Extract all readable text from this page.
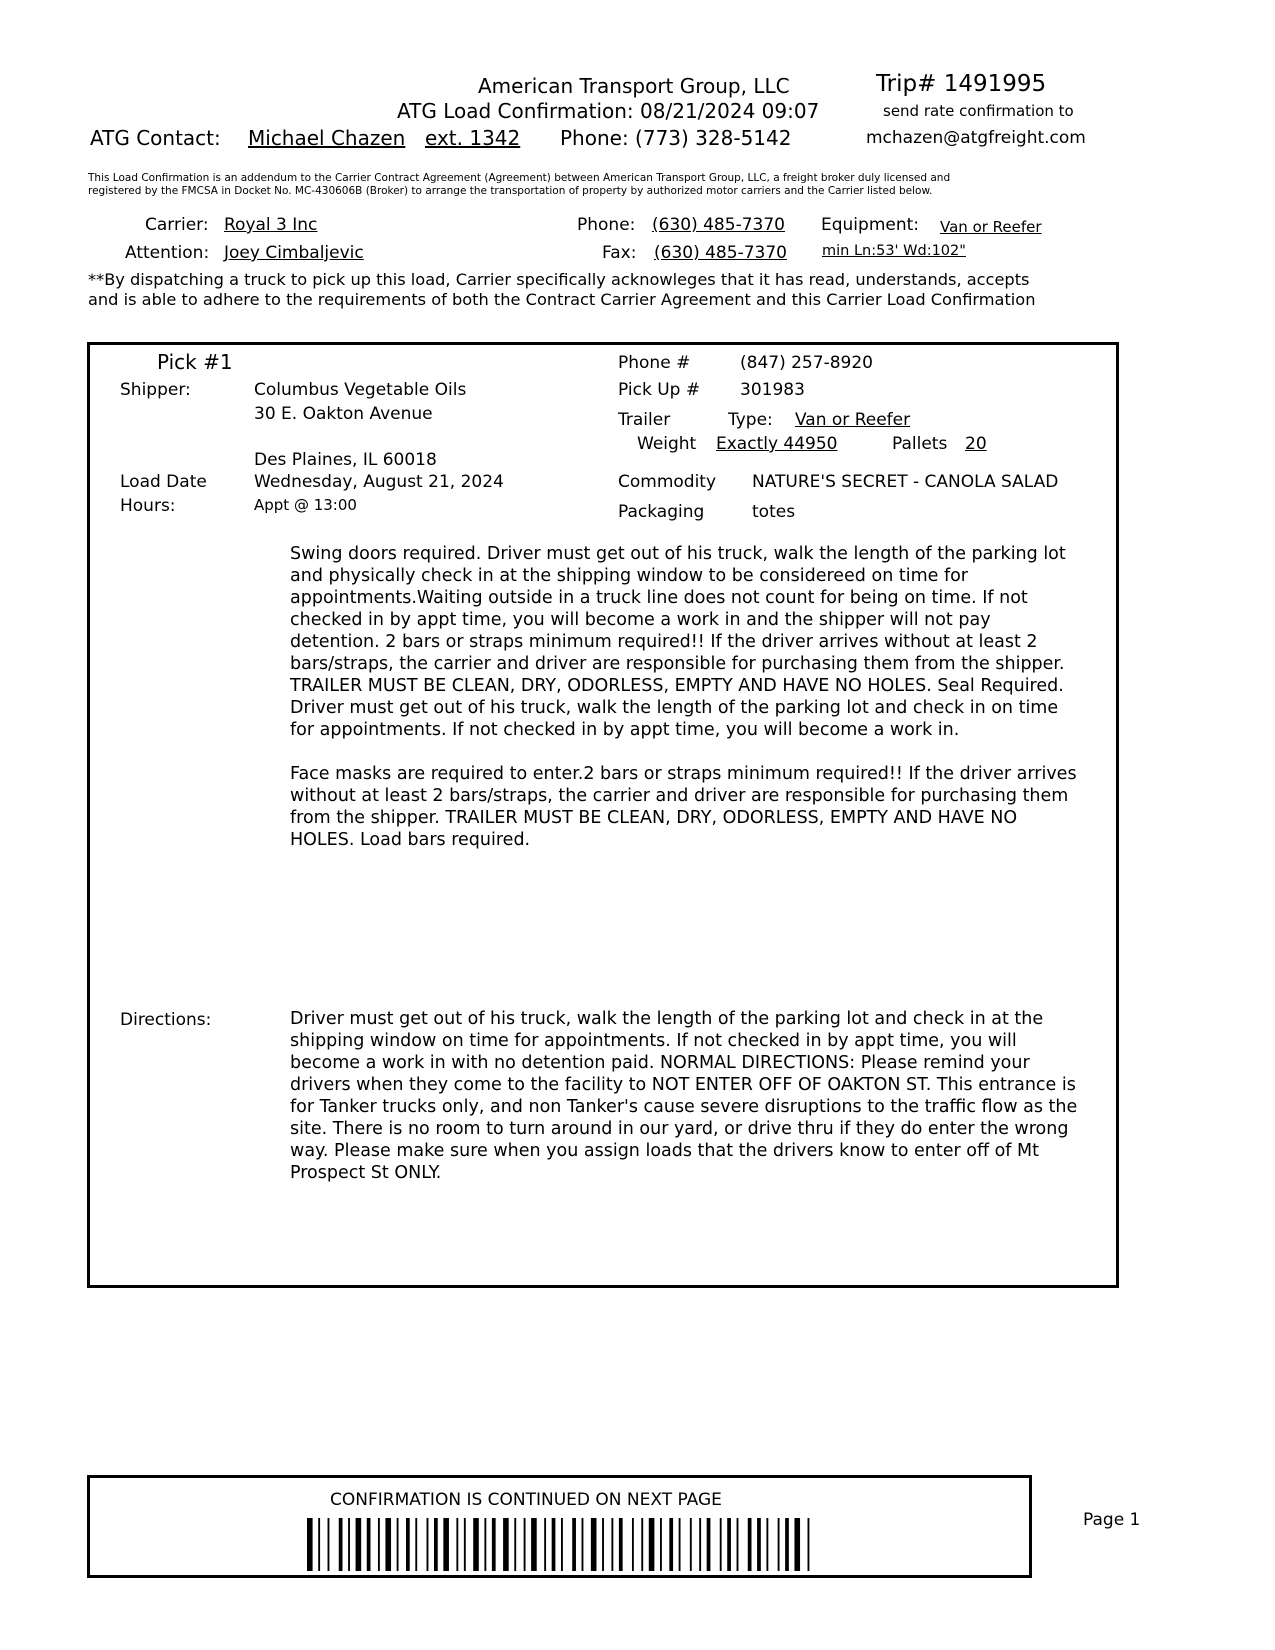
American Transport Group, LLC	Trip# 1491995
ATG Load Confirmation: 08/21/2024 09:07	send rate confirmation to
ATG Contact: Michael Chazen ext. 1342 Phone: (773) 328-5142	mchazen@atgfreight.com
This Load Confirmation is an addendum to the Carrier Contract Agreement (Agreement) between American Transport Group, LLC, a freight broker duly licensed and
registered by the FMCSA in Docket No. MC-430606B (Broker) to arrange the transportation of property by authorized motor carriers and the Carrier listed below.
Carrier: Royal 3 Inc
Attention: Joey Cimbaljevic
Phone: (630) 485-7370
Fax: (630) 485-7370
Equipment: Van or Reefer
min Ln:53' Wd:102"
**By dispatching a truck to pick up this load, Carrier specifically acknowleges that it has read, understands, accepts
and is able to adhere to the requirements of both the Contract Carrier Agreement and this Carrier Load Confirmation
Pick #1
Shipper:	Columbus Vegetable Oils
30 E. Oakton Avenue
Des Plaines, IL 60018
Load Date	Wednesday, August 21, 2024
Hours:	Appt @ 13:00
Phone #	(847) 257-8920
Pick Up # 301983
Trailer	Type: Van or Reefer
Weight Exactly 44950	Pallets 20
Commodity NATURE'S SECRET - CANOLA SALAD
Packaging	totes
Swing doors required. Driver must get out of his truck, walk the length of the parking lot and physically check in at the shipping window to be considereed on time for appointments.Waiting outside in a truck line does not count for being on time. If not checked in by appt time, you will become a work in and the shipper will not pay detention. 2 bars or straps minimum required!! If the driver arrives without at least 2 bars/straps, the carrier and driver are responsible for purchasing them from the shipper. TRAILER MUST BE CLEAN, DRY, ODORLESS, EMPTY AND HAVE NO HOLES. Seal Required. Driver must get out of his truck, walk the length of the parking lot and check in on time for appointments. If not checked in by appt time, you will become a work in.
Face masks are required to enter.2 bars or straps minimum required!! If the driver arrives without at least 2 bars/straps, the carrier and driver are responsible for purchasing them from the shipper. TRAILER MUST BE CLEAN, DRY, ODORLESS, EMPTY AND HAVE NO HOLES. Load bars required.
Directions:	Driver must get out of his truck, walk the length of the parking lot and check in at the shipping window on time for appointments. If not checked in by appt time, you will become a work in with no detention paid. NORMAL DIRECTIONS: Please remind your drivers when they come to the facility to NOT ENTER OFF OF OAKTON ST. This entrance is for Tanker trucks only, and non Tanker's cause severe disruptions to the traffic flow as the site. There is no room to turn around in our yard, or drive thru if they do enter the wrong way. Please make sure when you assign loads that the drivers know to enter off of Mt Prospect St ONLY.
CONFIRMATION IS CONTINUED ON NEXT PAGE
Page 1
